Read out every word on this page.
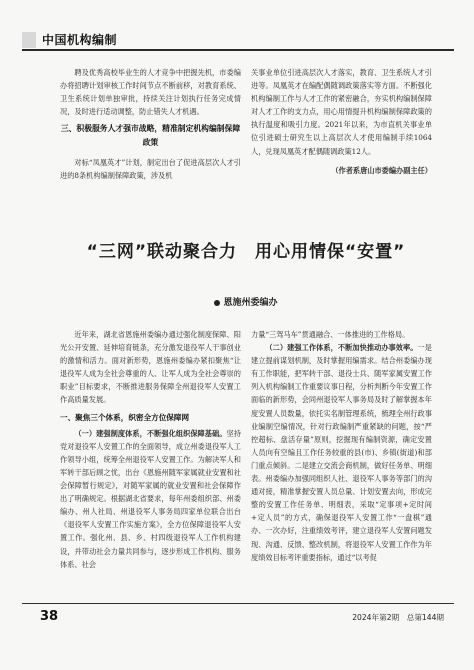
中国机构编制

聘及优秀高校毕业生的人才竞争中把握先机，市委编办将招聘计划审核工作时间节点不断前移，对教育系统、卫生系统计划单独审批，持续关注计划执行任务完成情况，及时进行适动调整，防止错失人才机遇。

三、积极服务人才强市战略，精准制定机构编制保障政策

对标“凤凰英才”计划，制定出台了促进高层次人才引进的8条机构编制保障政策，涉及机

关事业单位引进高层次人才落实，教育、卫生系统人才引进等。凤凰英才在编配偶随调政策落实等方面。不断强化机构编制工作与人才工作的紧密融合，夯实机构编制保障对人才工作的支力点，用心用情提升机构编制保障政策的执行温度和吸引力度。2021年以来，为市直机关事业单位引进硕士研究生以上高层次人才使用编制手续1064人，兑现凤凰英才配偶随调政策12人。

（作者系唐山市委编办副主任）

“三网”联动聚合力　用心用情保“安置”
恩施州委编办

近年来，湖北省恩施州委编办通过强化制度保障、阳光公开安置、延伸培育链条，充分激发退役军人干事创业的激情和活力。面对新形势，恩施州委编办紧扣聚焦“让退役军人成为全社会尊重的人、让军人成为全社会尊崇的职业”目标要求，不断推进服务保障全州退役军人安置工作高质量发展。

一、聚焦三个体系，织密全方位保障网

（一）建强制度体系，不断强化组织保障基础。坚持党对退役军人安置工作的全面领导，成立州委退役军人工作领导小组，统筹全州退役军人安置工作。为解决军人和军转干部后顾之忧，出台《恩施州随军家属就业安置和社会保障暂行规定》，对随军家属的就业安置和社会保障作出了明确规定。根据湖北省要求，每年州委组织部、州委编办、州人社局、州退役军人事务局四家单位联合出台《退役军人安置工作实施方案》，全方位保障退役军人安置工作。强化州、县、乡、村四级退役军人工作机构建设，并带动社会力量共同参与，逐步形成工作机构、服务体系、社会

力量“三驾马车”贯通融合、一体推进的工作格局。

（二）建强工作体系，不断加快推动办事效率。一是建立提前谋划机制，及时掌握用编需求。结合州委编办现有工作职能，把军转干部、退役士兵、随军家属安置工作列入机构编制工作重要议事日程，分析判断今年安置工作面临的新形势，会同州退役军人事务局及时了解掌握本年度安置人员数量，依托实名制管理系统，梳理全州行政事业编制空编情况，针对行政编制严重紧缺的问题，按“严控超标、盘活存量”原则，挖掘现有编制资源，确定安置人员向有空编且工作任务较重的县(市)、乡镇(街道)和部门重点倾斜。二是建立交流会商机制，做好任务单、明细表。州委编办加强同组织人社、退役军人事务等部门的沟通对接，精准掌握安置人员总量、计划安置去向，形成完整的安置工作任务单、明细表，采取“定事项+定时间+定人员”的方式，确保退役军人安置工作“一盘棋”通办、一次办好，注重绩效考评，建立退役军人安置问题发现、沟通、反馈、整改机制，将退役军人安置工作作为年度绩效目标考评重要指标，通过“以考促

38	2024年第2期　总第144期
